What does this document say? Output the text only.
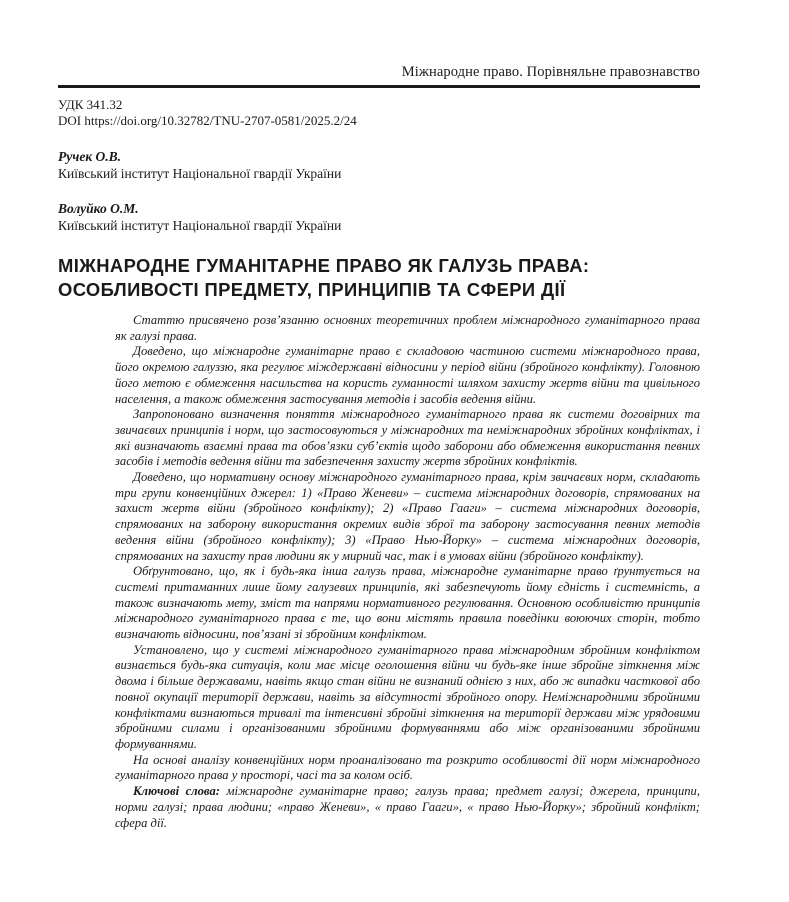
Міжнародне право. Порівняльне правознавство
УДК 341.32
DOI https://doi.org/10.32782/TNU-2707-0581/2025.2/24
Ручек О.В.
Київський інститут Національної гвардії України
Волуйко О.М.
Київський інститут Національної гвардії України
МІЖНАРОДНЕ ГУМАНІТАРНЕ ПРАВО ЯК ГАЛУЗЬ ПРАВА:
ОСОБЛИВОСТІ ПРЕДМЕТУ, ПРИНЦИПІВ ТА СФЕРИ ДІЇ

Статтю присвячено розв’язанню основних теоретичних проблем міжнародного гуманітарного права як галузі права.

Доведено, що міжнародне гуманітарне право є складовою частиною системи міжнародного права, його окремою галуззю, яка регулює міждержавні відносини у період війни (збройного конфлікту). Головною його метою є обмеження насильства на користь гуманності шляхом захисту жертв війни та цивільного населення, а також обмеження застосування методів і засобів ведення війни.

Запропоновано визначення поняття міжнародного гуманітарного права як системи договірних та звичаєвих принципів і норм, що застосовуються у міжнародних та неміжнародних збройних конфліктах, і які визначають взаємні права та обов’язки суб’єктів щодо заборони або обмеження використання певних засобів і методів ведення війни та забезпечення захисту жертв збройних конфліктів.

Доведено, що нормативну основу міжнародного гуманітарного права, крім звичаєвих норм, складають три групи конвенційних джерел: 1) «Право Женеви» – система міжнародних договорів, спрямованих на захист жертв війни (збройного конфлікту); 2) «Право Гааги» – система міжнародних договорів, спрямованих на заборону використання окремих видів зброї та заборону застосування певних методів ведення війни (збройного конфлікту); 3) «Право Нью-Йорку» – система міжнародних договорів, спрямованих на захисту прав людини як у мирний час, так і в умовах війни (збройного конфлікту).

Обґрунтовано, що, як і будь-яка інша галузь права, міжнародне гуманітарне право ґрунтується на системі притаманних лише йому галузевих принципів, які забезпечують йому єдність і системність, а також визначають мету, зміст та напрями нормативного регулювання. Основною особливістю принципів міжнародного гуманітарного права є те, що вони містять правила поведінки воюючих сторін, тобто визначають відносини, пов’язані зі збройним конфліктом.

Установлено, що у системі міжнародного гуманітарного права міжнародним збройним конфліктом визнається будь-яка ситуація, коли має місце оголошення війни чи будь-яке інше збройне зіткнення між двома і більше державами, навіть якщо стан війни не визнаний однією з них, або ж випадки часткової або повної окупації території держави, навіть за відсутності збройного опору. Неміжнародними збройними конфліктами визнаються тривалі та інтенсивні збройні зіткнення на території держави між урядовими збройними силами і організованими збройними формуваннями або між організованими збройними формуваннями.

На основі аналізу конвенційних норм проаналізовано та розкрито особливості дії норм міжнародного гуманітарного права у просторі, часі та за колом осіб.

Ключові слова: міжнародне гуманітарне право; галузь права; предмет галузі; джерела, принципи, норми галузі; права людини; «право Женеви», « право Гааги», « право Нью-Йорку»; збройний конфлікт; сфера дії.
